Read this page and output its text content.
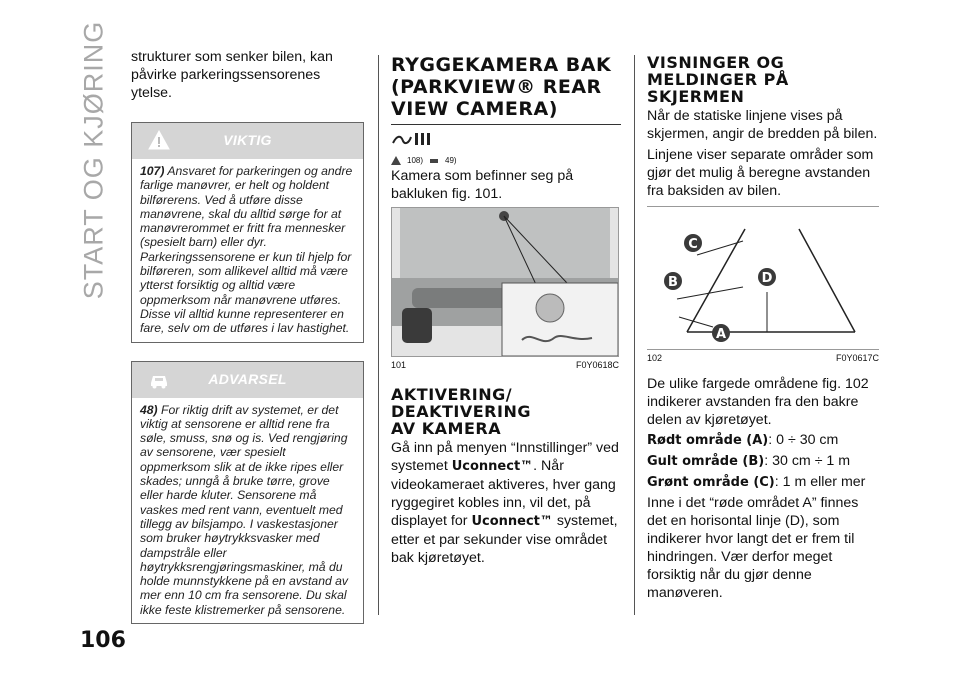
START OG KJØRING
106

strukturer som senker bilen, kan påvirke parkeringssensorenes ytelse.

VIKTIG
107) Ansvaret for parkeringen og andre farlige manøvrer, er helt og holdent bilførerens. Ved å utføre disse manøvrene, skal du alltid sørge for at manøvrerommet er fritt fra mennesker (spesielt barn) eller dyr. Parkeringssensorene er kun til hjelp for bilføreren, som allikevel alltid må være ytterst forsiktig og alltid være oppmerksom når manøvrene utføres. Disse vil alltid kunne representerer en fare, selv om de utføres i lav hastighet.
ADVARSEL
48) For riktig drift av systemet, er det viktig at sensorene er alltid rene fra søle, smuss, snø og is. Ved rengjøring av sensorene, vær spesielt oppmerksom slik at de ikke ripes eller skades; unngå å bruke tørre, grove eller harde kluter. Sensorene må vaskes med rent vann, eventuelt med tillegg av bilsjampo. I vaskestasjoner som bruker høytrykksvasker med dampstråle eller høytrykksrengjøringsmaskiner, må du holde munnstykkene på en avstand av mer enn 10 cm fra sensorene. Du skal ikke feste klistremerker på sensorene.
RYGGEKAMERA BAK
(PARKVIEW® REAR
VIEW CAMERA)
108)	49)

Kamera som befinner seg på bakluken fig. 101.

101	F0Y0618C
AKTIVERING/
DEAKTIVERING
AV KAMERA

Gå inn på menyen “Innstillinger” ved systemet Uconnect™. Når videokameraet aktiveres, hver gang ryggegiret kobles inn, vil det, på displayet for Uconnect™ systemet, etter et par sekunder vise området bak kjøretøyet.

VISNINGER OG
MELDINGER PÅ
SKJERMEN

Når de statiske linjene vises på skjermen, angir de bredden på bilen.

Linjene viser separate områder som gjør det mulig å beregne avstanden fra baksiden av bilen.

C
B	D
A
102	F0Y0617C

De ulike fargede områdene fig. 102 indikerer avstanden fra den bakre delen av kjøretøyet.

Rødt område (A): 0 ÷ 30 cm

Gult område (B): 30 cm ÷ 1 m

Grønt område (C): 1 m eller mer

Inne i det “røde området A” finnes det en horisontal linje (D), som indikerer hvor langt det er frem til hindringen. Vær derfor meget forsiktig når du gjør denne manøveren.
